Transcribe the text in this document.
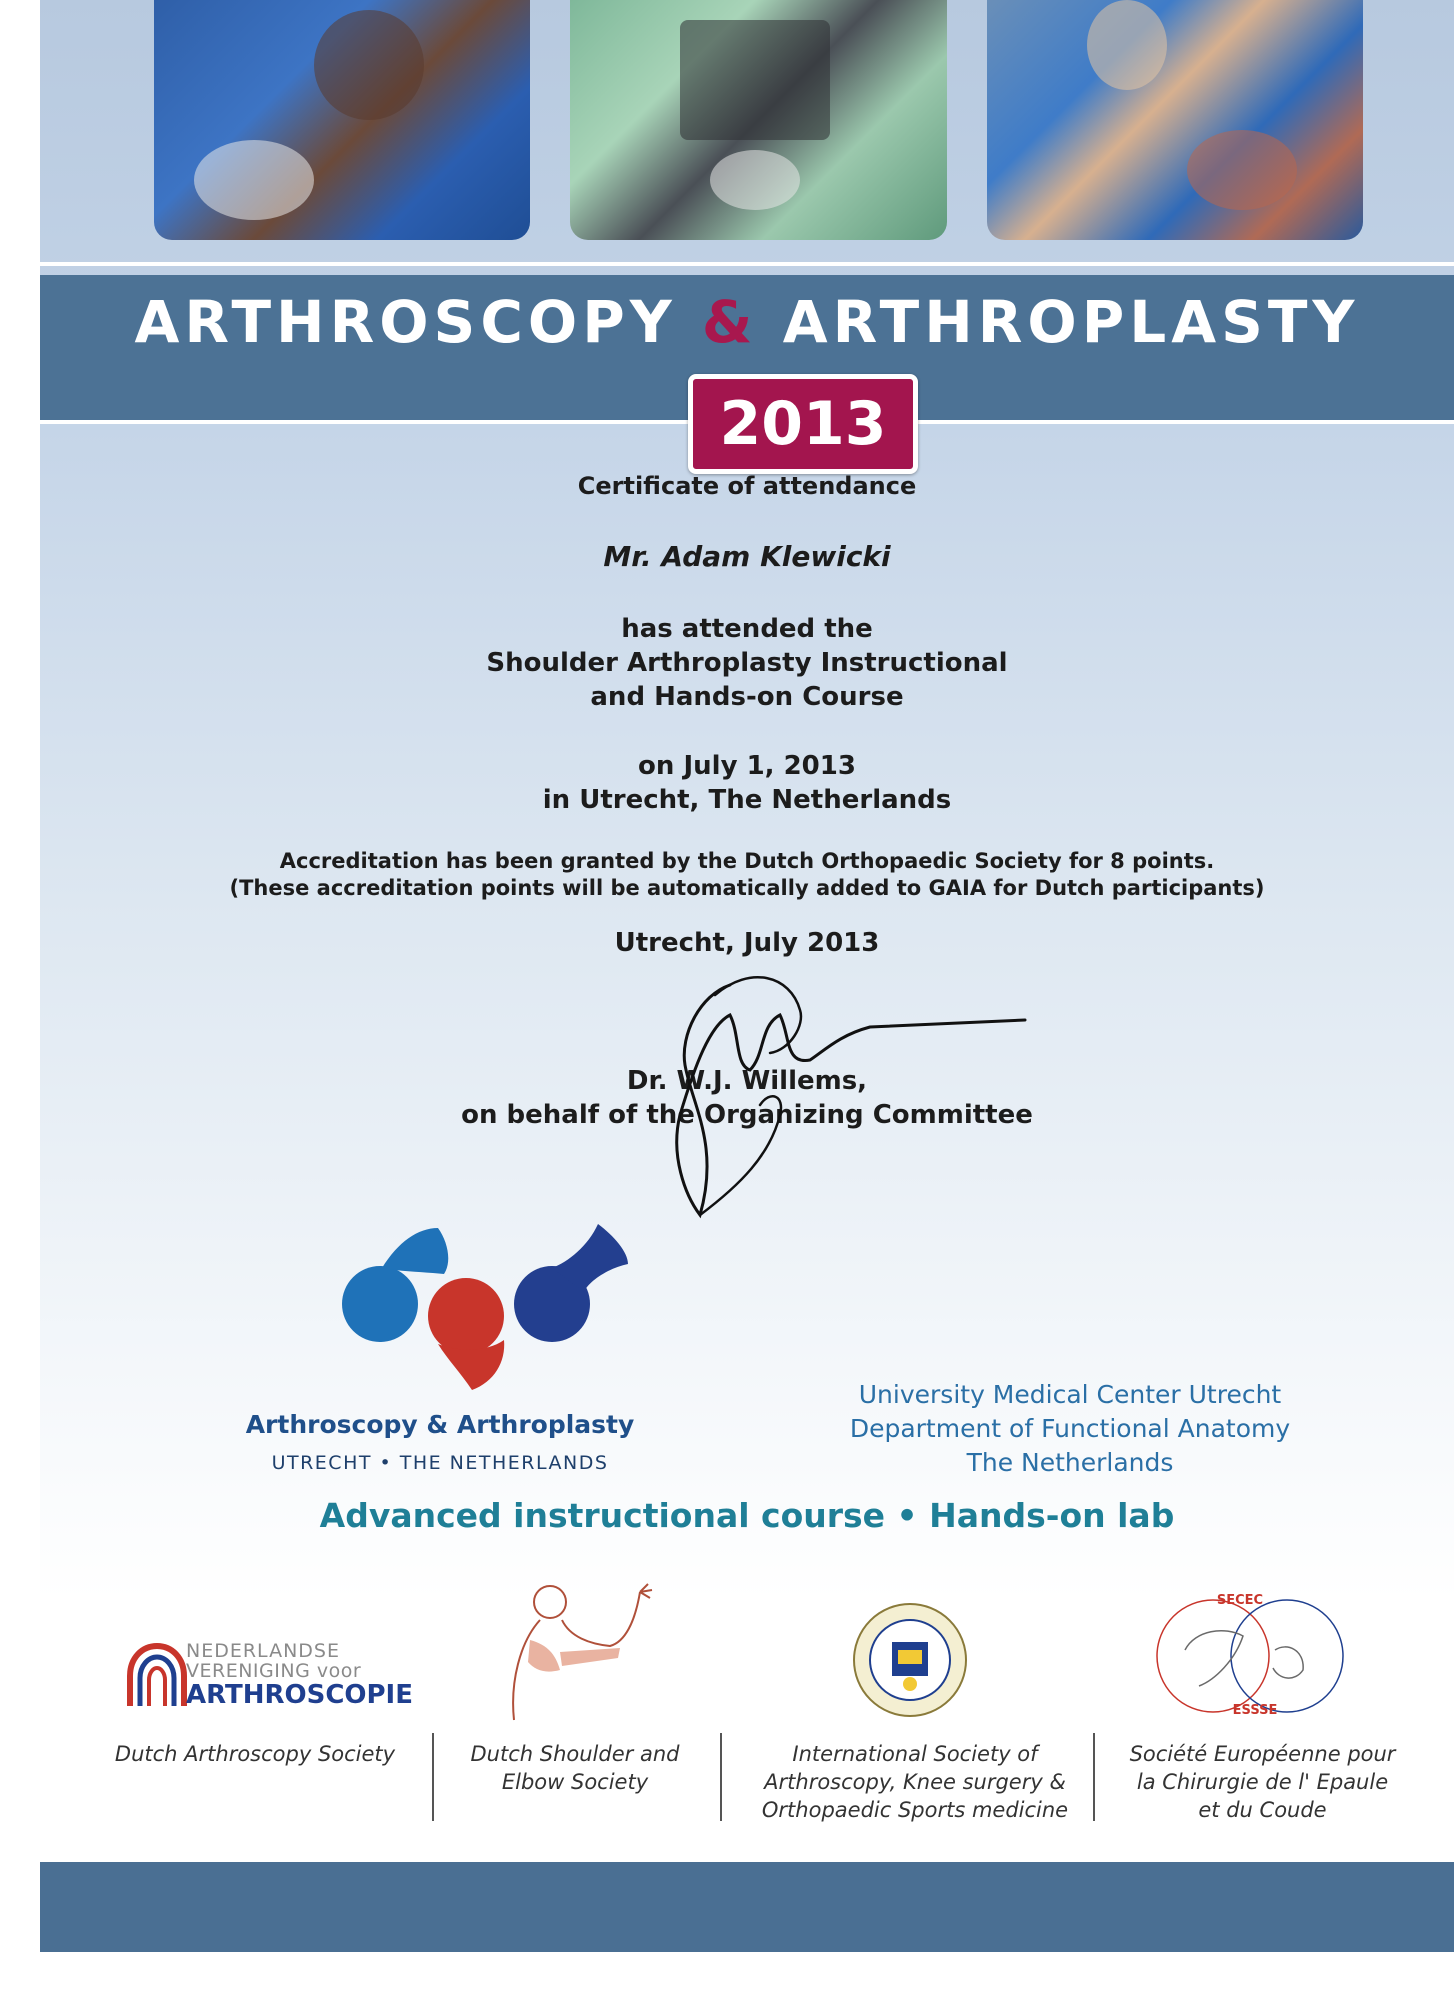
ARTHROSCOPY & ARTHROPLASTY
2013
Certificate of attendance
Mr. Adam Klewicki
has attended the
Shoulder Arthroplasty Instructional
and Hands-on Course
on July 1, 2013
in Utrecht, The Netherlands
Accreditation has been granted by the Dutch Orthopaedic Society for 8 points.
(These accreditation points will be automatically added to GAIA for Dutch participants)
Utrecht, July 2013
Dr. W.J. Willems,
on behalf of the Organizing Committee
Arthroscopy & Arthroplasty
UTRECHT • THE NETHERLANDS
University Medical Center Utrecht
Department of Functional Anatomy
The Netherlands
Advanced instructional course • Hands-on lab
NEDERLANDSE
VERENIGING voor
ARTHROSCOPIE
SECEC
ESSSE
Dutch Arthroscopy Society	Dutch Shoulder and
Elbow Society
International Society of
Arthroscopy, Knee surgery &
Orthopaedic Sports medicine
Société Européenne pour
la Chirurgie de l' Epaule
et du Coude
